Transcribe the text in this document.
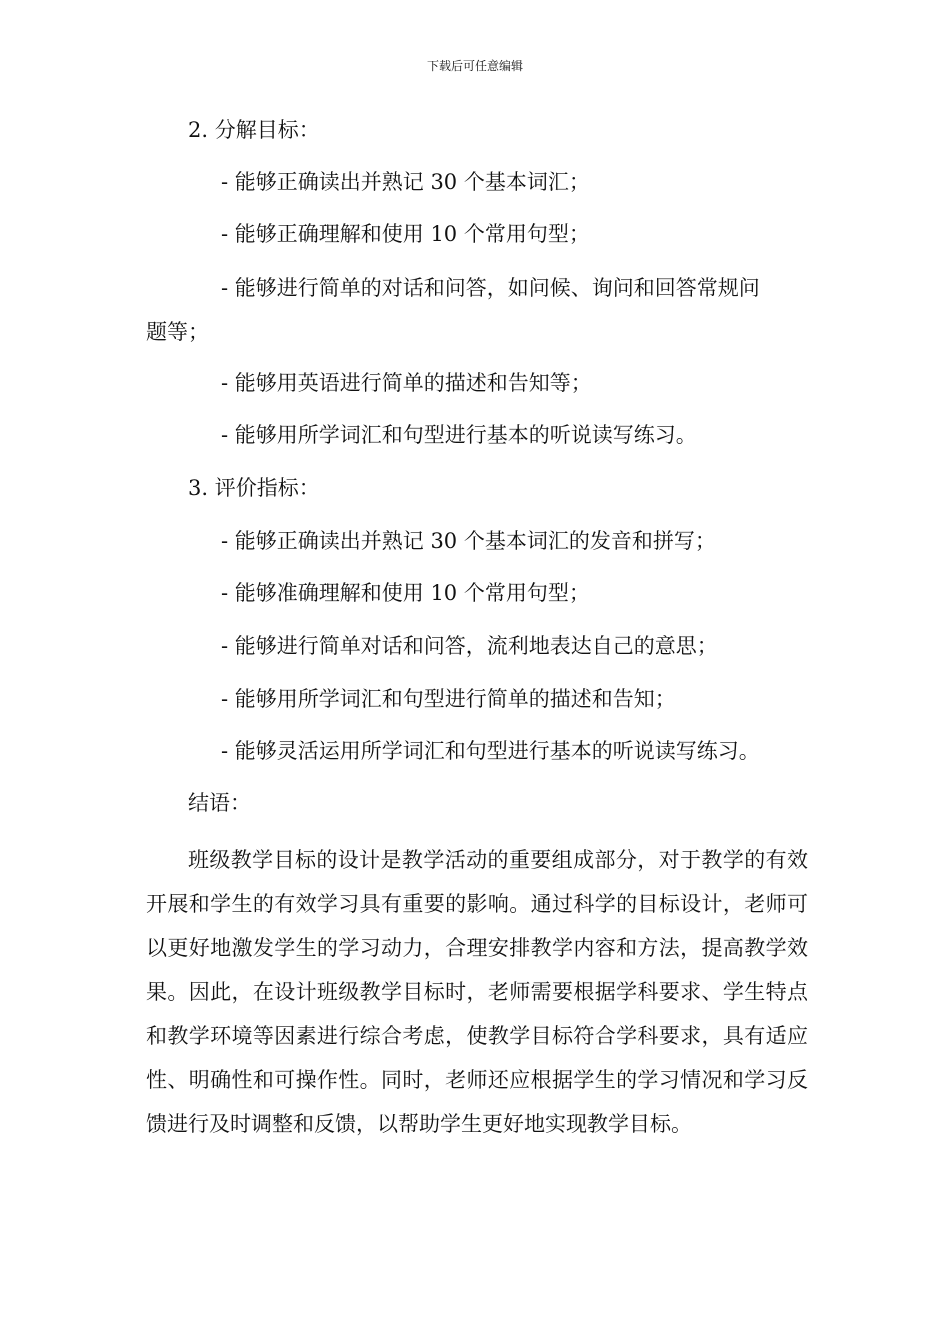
下载后可任意编辑
2. 分解目标：
- 能够正确读出并熟记 30 个基本词汇；
- 能够正确理解和使用 10 个常用句型；
- 能够进行简单的对话和问答，如问候、询问和回答常规问
题等；
- 能够用英语进行简单的描述和告知等；
- 能够用所学词汇和句型进行基本的听说读写练习。
3. 评价指标：
- 能够正确读出并熟记 30 个基本词汇的发音和拼写；
- 能够准确理解和使用 10 个常用句型；
- 能够进行简单对话和问答，流利地表达自己的意思；
- 能够用所学词汇和句型进行简单的描述和告知；
- 能够灵活运用所学词汇和句型进行基本的听说读写练习。
结语：
班级教学目标的设计是教学活动的重要组成部分，对于教学的有效开展和学生的有效学习具有重要的影响。通过科学的目标设计，老师可以更好地激发学生的学习动力，合理安排教学内容和方法，提高教学效果。因此，在设计班级教学目标时，老师需要根据学科要求、学生特点和教学环境等因素进行综合考虑，使教学目标符合学科要求，具有适应性、明确性和可操作性。同时，老师还应根据学生的学习情况和学习反馈进行及时调整和反馈，以帮助学生更好地实现教学目标。
